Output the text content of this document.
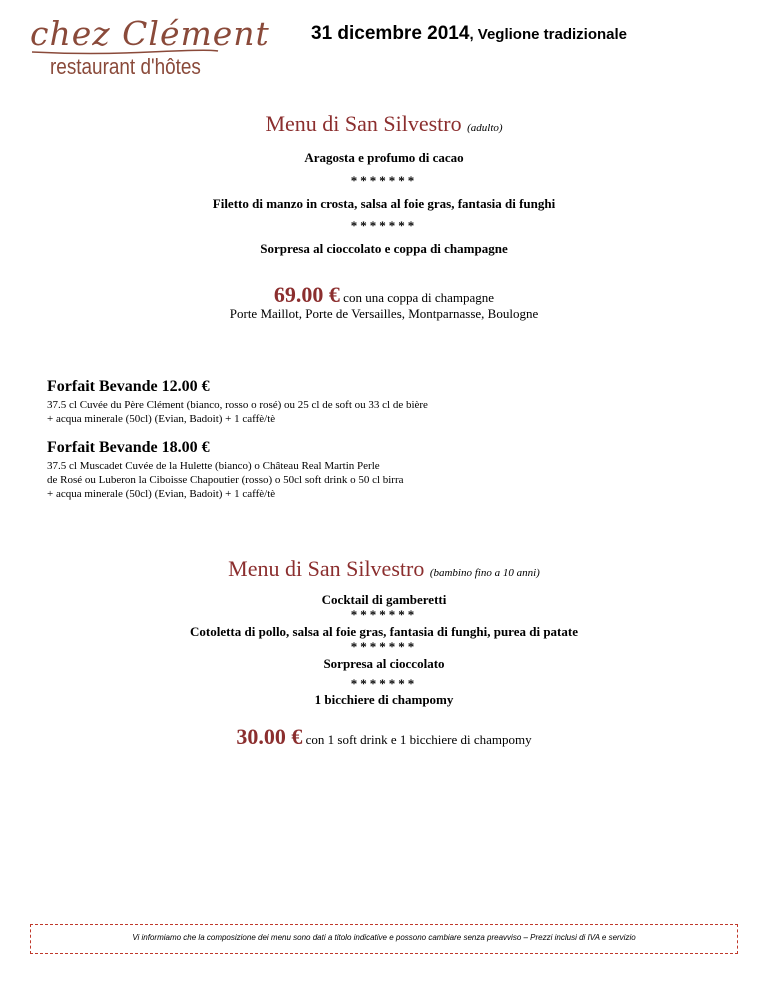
chez Clément
restaurant d'hôtes
31 dicembre 2014, Veglione tradizionale
Menu di San Silvestro (adulto)
Aragosta e profumo di cacao
*******
Filetto di manzo in crosta, salsa al foie gras, fantasia di funghi
*******
Sorpresa al cioccolato e coppa di champagne
69.00 € con una coppa di champagne
Porte Maillot, Porte de Versailles, Montparnasse, Boulogne
Forfait Bevande 12.00 €
37.5 cl Cuvée du Père Clément (bianco, rosso o rosé) ou 25 cl de soft ou 33 cl de bière
+ acqua minerale (50cl) (Evian, Badoit) + 1 caffè/tè
Forfait Bevande 18.00 €
37.5 cl Muscadet Cuvée de la Hulette (bianco) o Château Real Martin Perle
de Rosé ou Luberon la Ciboisse Chapoutier (rosso) o 50cl soft drink o 50 cl birra
+ acqua minerale (50cl) (Evian, Badoit) + 1 caffè/tè
Menu di San Silvestro (bambino fino a 10 anni)
Cocktail di gamberetti
*******
Cotoletta di pollo, salsa al foie gras, fantasia di funghi, purea di patate
*******
Sorpresa al cioccolato
*******
1 bicchiere di champomy
30.00 € con 1 soft drink e 1 bicchiere di champomy
Vi informiamo che la composizione dei menu sono dati a titolo indicative e possono cambiare senza preavviso – Prezzi inclusi di IVA e servizio
